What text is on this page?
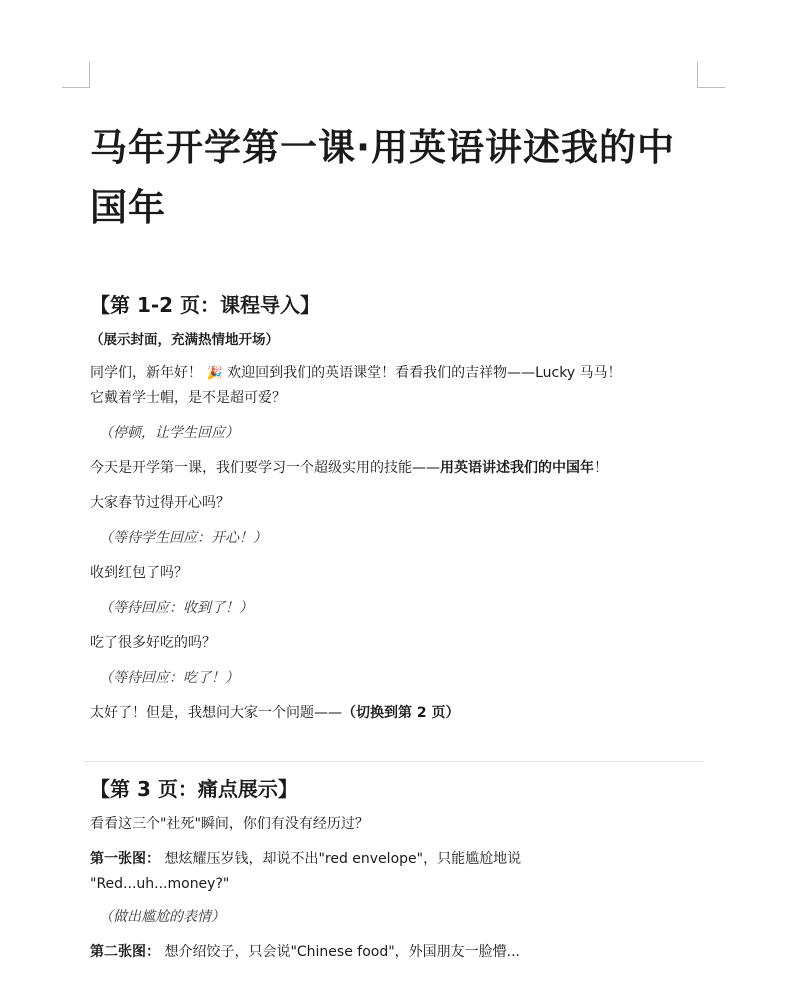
马年开学第一课·用英语讲述我的中
国年
【第 1-2 页：课程导入】

（展示封面，充满热情地开场）

同学们，新年好！ 🎉 欢迎回到我们的英语课堂！看看我们的吉祥物——Lucky 马马！
它戴着学士帽，是不是超可爱？

（停顿，让学生回应）

今天是开学第一课，我们要学习一个超级实用的技能——用英语讲述我们的中国年！

大家春节过得开心吗？

（等待学生回应：开心！）

收到红包了吗？

（等待回应：收到了！）

吃了很多好吃的吗？

（等待回应：吃了！）

太好了！但是，我想问大家一个问题——（切换到第 2 页）

【第 3 页：痛点展示】

看看这三个"社死"瞬间，你们有没有经历过？

第一张图： 想炫耀压岁钱，却说不出"red envelope"，只能尴尬地说
"Red...uh...money?"

（做出尴尬的表情）

第二张图： 想介绍饺子，只会说"Chinese food"，外国朋友一脸懵...
